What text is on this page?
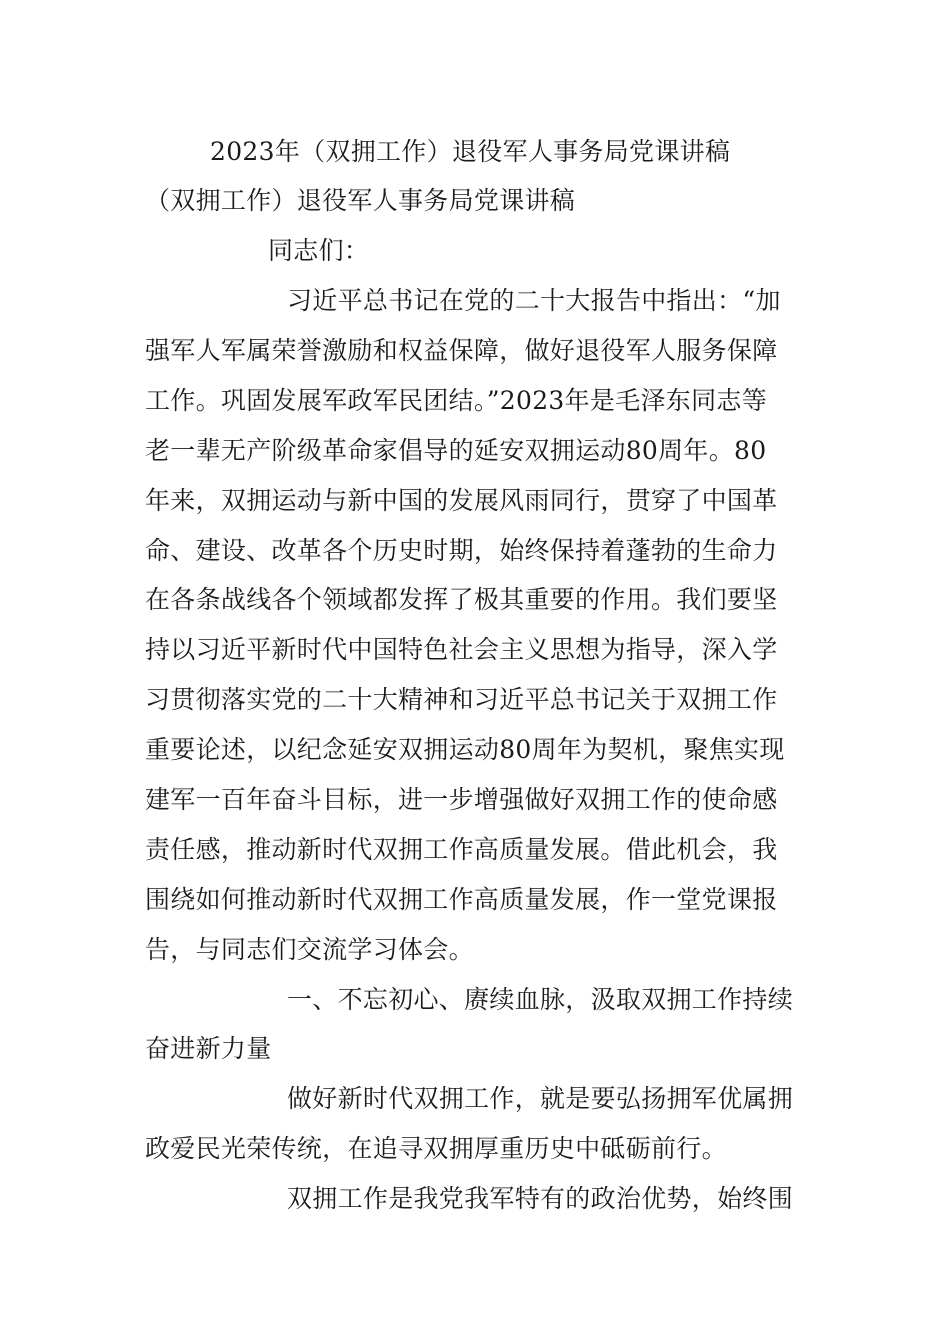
2023年（双拥工作）退役军人事务局党课讲稿
（双拥工作）退役军人事务局党课讲稿
同志们：
习近平总书记在党的二十大报告中指出：“加
强军人军属荣誉激励和权益保障，做好退役军人服务保障
工作。巩固发展军政军民团结。”2023年是毛泽东同志等
老一辈无产阶级革命家倡导的延安双拥运动80周年。80
年来，双拥运动与新中国的发展风雨同行，贯穿了中国革
命、建设、改革各个历史时期，始终保持着蓬勃的生命力
在各条战线各个领域都发挥了极其重要的作用。我们要坚
持以习近平新时代中国特色社会主义思想为指导，深入学
习贯彻落实党的二十大精神和习近平总书记关于双拥工作
重要论述，以纪念延安双拥运动80周年为契机，聚焦实现
建军一百年奋斗目标，进一步增强做好双拥工作的使命感
责任感，推动新时代双拥工作高质量发展。借此机会，我
围绕如何推动新时代双拥工作高质量发展，作一堂党课报
告，与同志们交流学习体会。
一、不忘初心、赓续血脉，汲取双拥工作持续
奋进新力量
做好新时代双拥工作，就是要弘扬拥军优属拥
政爱民光荣传统，在追寻双拥厚重历史中砥砺前行。
双拥工作是我党我军特有的政治优势，始终围
